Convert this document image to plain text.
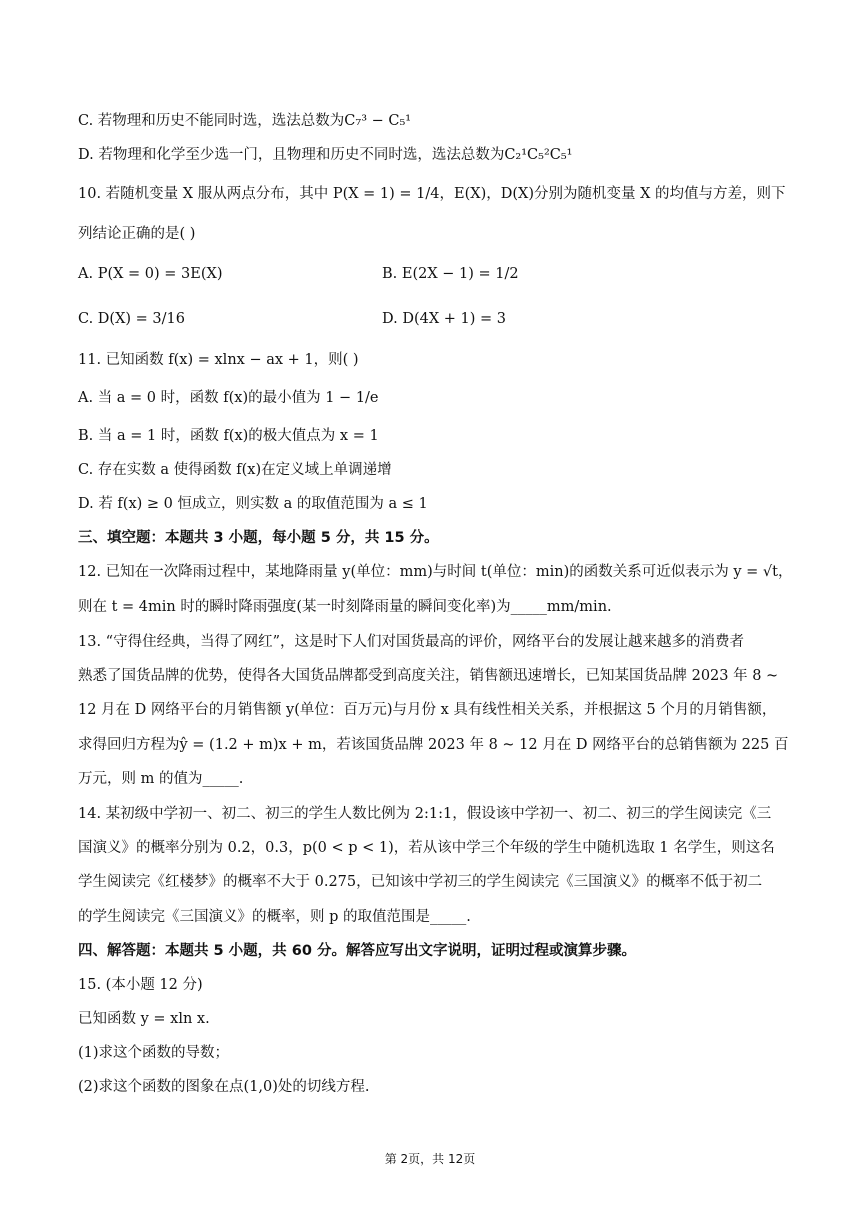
C. 若物理和历史不能同时选，选法总数为C₇³ − C₅¹
D. 若物理和化学至少选一门，且物理和历史不同时选，选法总数为C₂¹C₅²C₅¹
10. 若随机变量 X 服从两点分布，其中 P(X = 1) = 1/4，E(X)，D(X)分别为随机变量 X 的均值与方差，则下
列结论正确的是( )
A. P(X = 0) = 3E(X)	B. E(2X − 1) = 1/2
C. D(X) = 3/16	D. D(4X + 1) = 3
11. 已知函数 f(x) = xlnx − ax + 1，则( )
A. 当 a = 0 时，函数 f(x)的最小值为 1 − 1/e
B. 当 a = 1 时，函数 f(x)的极大值点为 x = 1
C. 存在实数 a 使得函数 f(x)在定义域上单调递增
D. 若 f(x) ≥ 0 恒成立，则实数 a 的取值范围为 a ≤ 1
三、填空题：本题共 3 小题，每小题 5 分，共 15 分。
12. 已知在一次降雨过程中，某地降雨量 y(单位：mm)与时间 t(单位：min)的函数关系可近似表示为 y = √t，
则在 t = 4min 时的瞬时降雨强度(某一时刻降雨量的瞬间变化率)为_____mm/min.
13. “守得住经典，当得了网红”，这是时下人们对国货最高的评价，网络平台的发展让越来越多的消费者
熟悉了国货品牌的优势，使得各大国货品牌都受到高度关注，销售额迅速增长，已知某国货品牌 2023 年 8 ~
12 月在 D 网络平台的月销售额 y(单位：百万元)与月份 x 具有线性相关关系，并根据这 5 个月的月销售额，
求得回归方程为ŷ = (1.2 + m)x + m，若该国货品牌 2023 年 8 ~ 12 月在 D 网络平台的总销售额为 225 百
万元，则 m 的值为_____.
14. 某初级中学初一、初二、初三的学生人数比例为 2:1:1，假设该中学初一、初二、初三的学生阅读完《三
国演义》的概率分别为 0.2，0.3，p(0 < p < 1)，若从该中学三个年级的学生中随机选取 1 名学生，则这名
学生阅读完《红楼梦》的概率不大于 0.275，已知该中学初三的学生阅读完《三国演义》的概率不低于初二
的学生阅读完《三国演义》的概率，则 p 的取值范围是_____.
四、解答题：本题共 5 小题，共 60 分。解答应写出文字说明，证明过程或演算步骤。
15. (本小题 12 分)
已知函数 y = xln x.
(1)求这个函数的导数；
(2)求这个函数的图象在点(1,0)处的切线方程.
第 2页，共 12页
